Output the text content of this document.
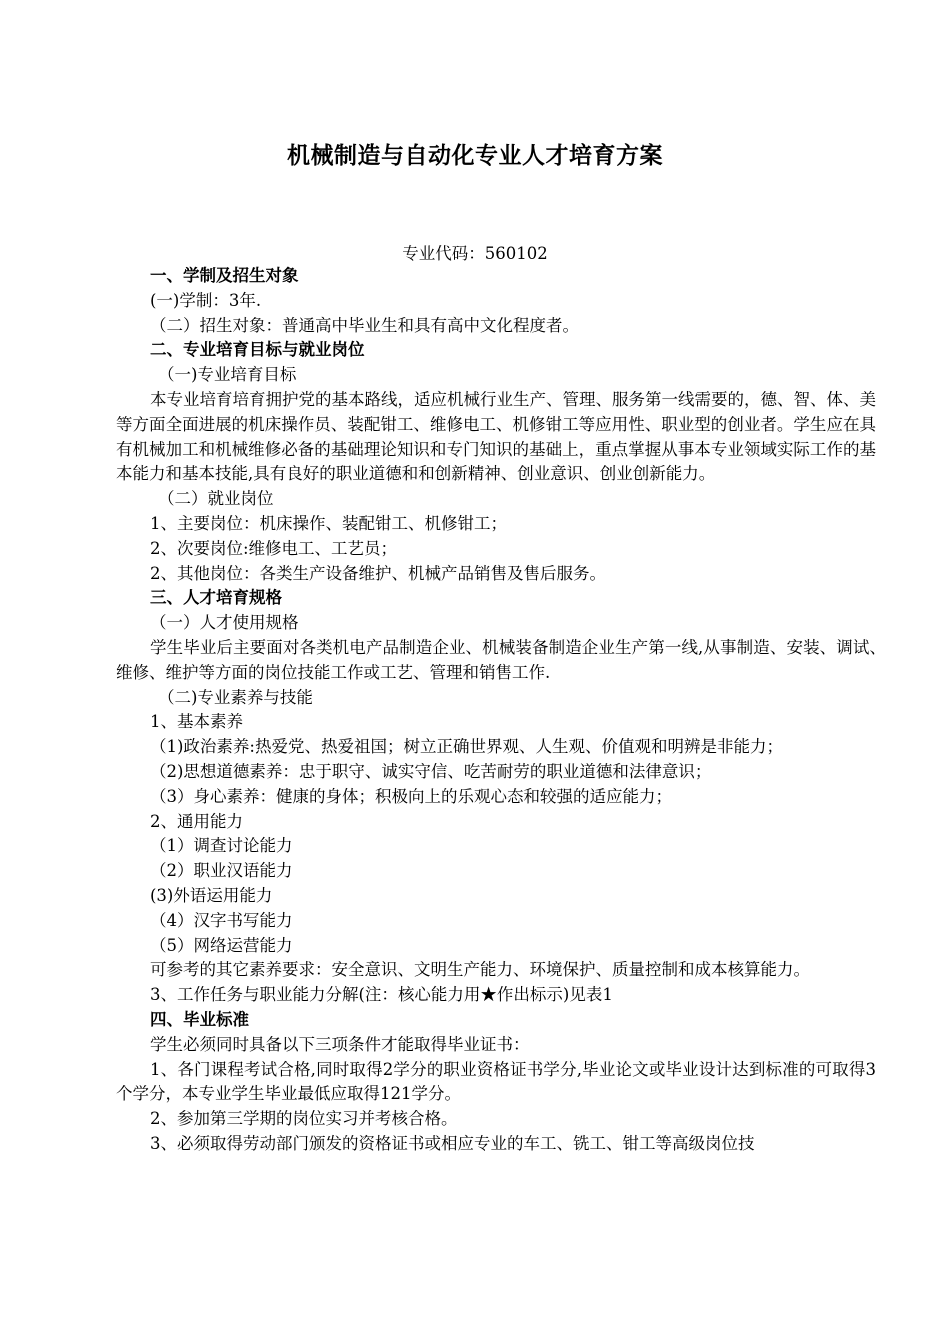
机械制造与自动化专业人才培育方案
专业代码：560102

一、学制及招生对象

(一)学制：3年.

（二）招生对象：普通高中毕业生和具有高中文化程度者。

二、专业培育目标与就业岗位

（一)专业培育目标

本专业培育培育拥护党的基本路线，适应机械行业生产、管理、服务第一线需要的，德、智、体、美等方面全面进展的机床操作员、装配钳工、维修电工、机修钳工等应用性、职业型的创业者。学生应在具有机械加工和机械维修必备的基础理论知识和专门知识的基础上，重点掌握从事本专业领域实际工作的基本能力和基本技能,具有良好的职业道德和和创新精神、创业意识、创业创新能力。

（二）就业岗位

1、主要岗位：机床操作、装配钳工、机修钳工；

2、次要岗位:维修电工、工艺员；

2、其他岗位：各类生产设备维护、机械产品销售及售后服务。

三、人才培育规格

（一）人才使用规格

学生毕业后主要面对各类机电产品制造企业、机械装备制造企业生产第一线,从事制造、安装、调试、维修、维护等方面的岗位技能工作或工艺、管理和销售工作.

（二)专业素养与技能

1、基本素养

（1)政治素养:热爱党、热爱祖国；树立正确世界观、人生观、价值观和明辨是非能力；

（2)思想道德素养：忠于职守、诚实守信、吃苦耐劳的职业道德和法律意识；

（3）身心素养：健康的身体；积极向上的乐观心态和较强的适应能力；

2、通用能力

（1）调查讨论能力

（2）职业汉语能力

(3)外语运用能力

（4）汉字书写能力

（5）网络运营能力

可参考的其它素养要求：安全意识、文明生产能力、环境保护、质量控制和成本核算能力。

3、工作任务与职业能力分解(注：核心能力用★作出标示)见表1

四、毕业标准

学生必须同时具备以下三项条件才能取得毕业证书：

1、各门课程考试合格,同时取得2学分的职业资格证书学分,毕业论文或毕业设计达到标准的可取得3个学分，本专业学生毕业最低应取得121学分。

2、参加第三学期的岗位实习并考核合格。

3、必须取得劳动部门颁发的资格证书或相应专业的车工、铣工、钳工等高级岗位技
